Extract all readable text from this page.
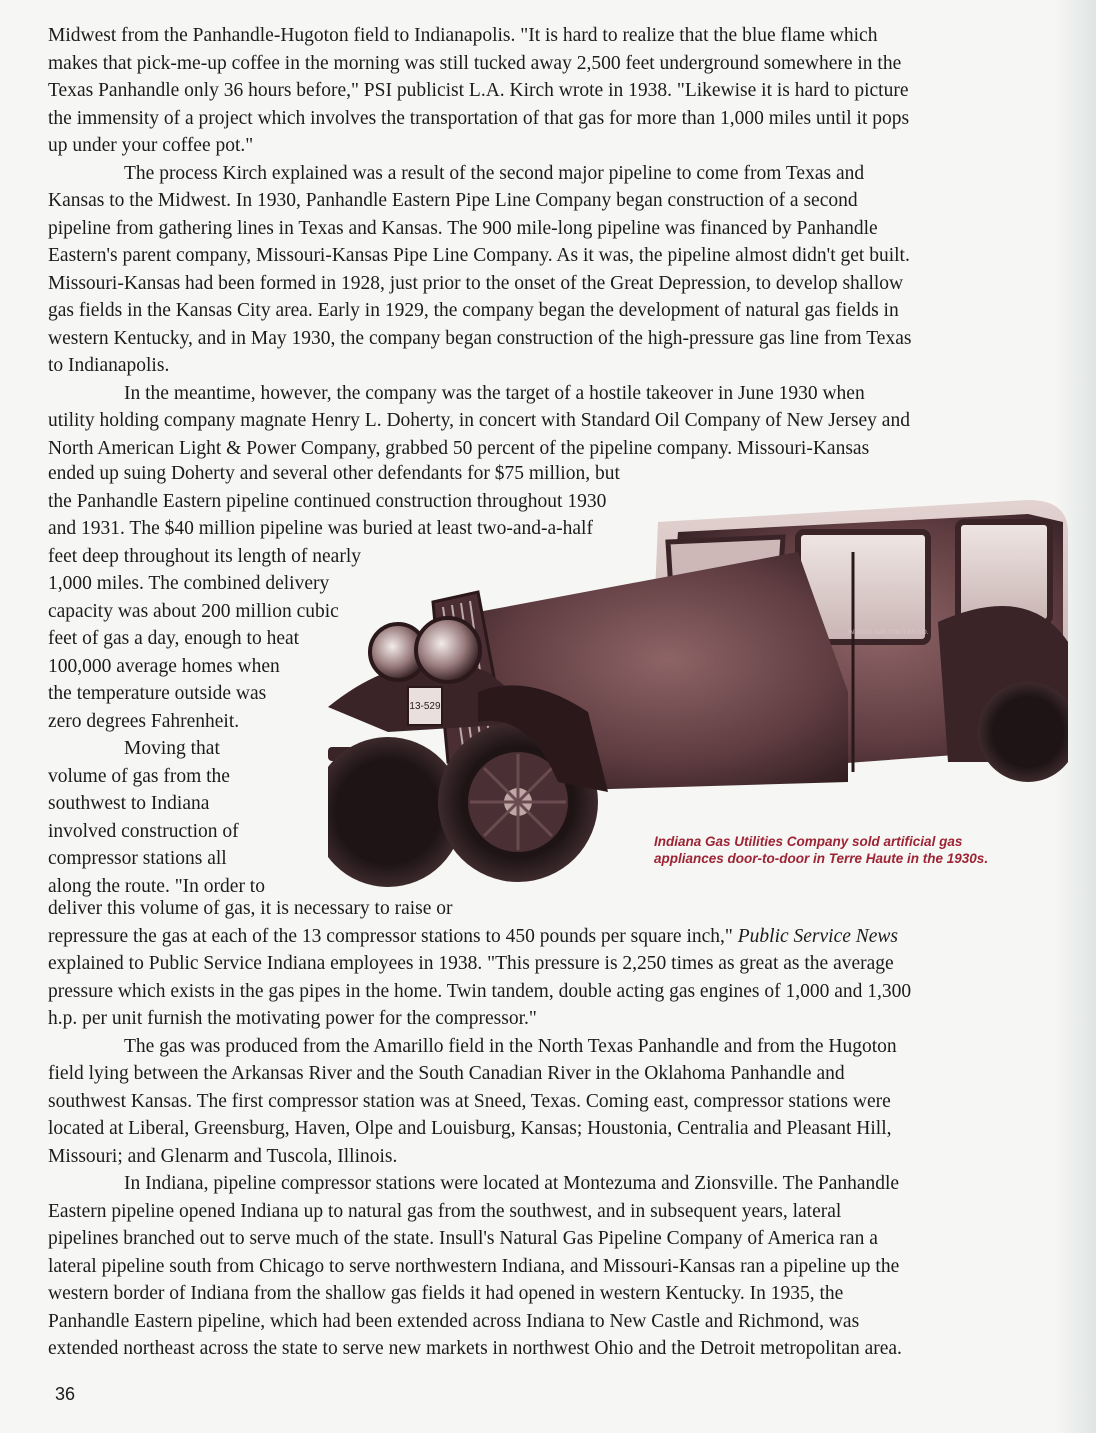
Midwest from the Panhandle-Hugoton field to Indianapolis. "It is hard to realize that the blue flame which
makes that pick-me-up coffee in the morning was still tucked away 2,500 feet underground somewhere in the
Texas Panhandle only 36 hours before," PSI publicist L.A. Kirch wrote in 1938. "Likewise it is hard to picture
the immensity of a project which involves the transportation of that gas for more than 1,000 miles until it pops
up under your coffee pot."
The process Kirch explained was a result of the second major pipeline to come from Texas and
Kansas to the Midwest. In 1930, Panhandle Eastern Pipe Line Company began construction of a second
pipeline from gathering lines in Texas and Kansas. The 900 mile-long pipeline was financed by Panhandle
Eastern's parent company, Missouri-Kansas Pipe Line Company. As it was, the pipeline almost didn't get built.
Missouri-Kansas had been formed in 1928, just prior to the onset of the Great Depression, to develop shallow
gas fields in the Kansas City area. Early in 1929, the company began the development of natural gas fields in
western Kentucky, and in May 1930, the company began construction of the high-pressure gas line from Texas
to Indianapolis.
In the meantime, however, the company was the target of a hostile takeover in June 1930 when
utility holding company magnate Henry L. Doherty, in concert with Standard Oil Company of New Jersey and
North American Light & Power Company, grabbed 50 percent of the pipeline company. Missouri-Kansas
13-529
INDIANA GAS UTILITIES CO.
Indiana Gas Utilities Company sold artificial gas
appliances door-to-door in Terre Haute in the 1930s.
ended up suing Doherty and several other defendants for $75 million, but
the Panhandle Eastern pipeline continued construction throughout 1930
and 1931. The $40 million pipeline was buried at least two-and-a-half
feet deep throughout its length of nearly
1,000 miles. The combined delivery
capacity was about 200 million cubic
feet of gas a day, enough to heat
100,000 average homes when
the temperature outside was
zero degrees Fahrenheit.
Moving that
volume of gas from the
southwest to Indiana
involved construction of
compressor stations all
along the route. "In order to
deliver this volume of gas, it is necessary to raise or
repressure the gas at each of the 13 compressor stations to 450 pounds per square inch," Public Service News
explained to Public Service Indiana employees in 1938. "This pressure is 2,250 times as great as the average
pressure which exists in the gas pipes in the home. Twin tandem, double acting gas engines of 1,000 and 1,300
h.p. per unit furnish the motivating power for the compressor."
The gas was produced from the Amarillo field in the North Texas Panhandle and from the Hugoton
field lying between the Arkansas River and the South Canadian River in the Oklahoma Panhandle and
southwest Kansas. The first compressor station was at Sneed, Texas. Coming east, compressor stations were
located at Liberal, Greensburg, Haven, Olpe and Louisburg, Kansas; Houstonia, Centralia and Pleasant Hill,
Missouri; and Glenarm and Tuscola, Illinois.
In Indiana, pipeline compressor stations were located at Montezuma and Zionsville. The Panhandle
Eastern pipeline opened Indiana up to natural gas from the southwest, and in subsequent years, lateral
pipelines branched out to serve much of the state. Insull's Natural Gas Pipeline Company of America ran a
lateral pipeline south from Chicago to serve northwestern Indiana, and Missouri-Kansas ran a pipeline up the
western border of Indiana from the shallow gas fields it had opened in western Kentucky. In 1935, the
Panhandle Eastern pipeline, which had been extended across Indiana to New Castle and Richmond, was
extended northeast across the state to serve new markets in northwest Ohio and the Detroit metropolitan area.
36
